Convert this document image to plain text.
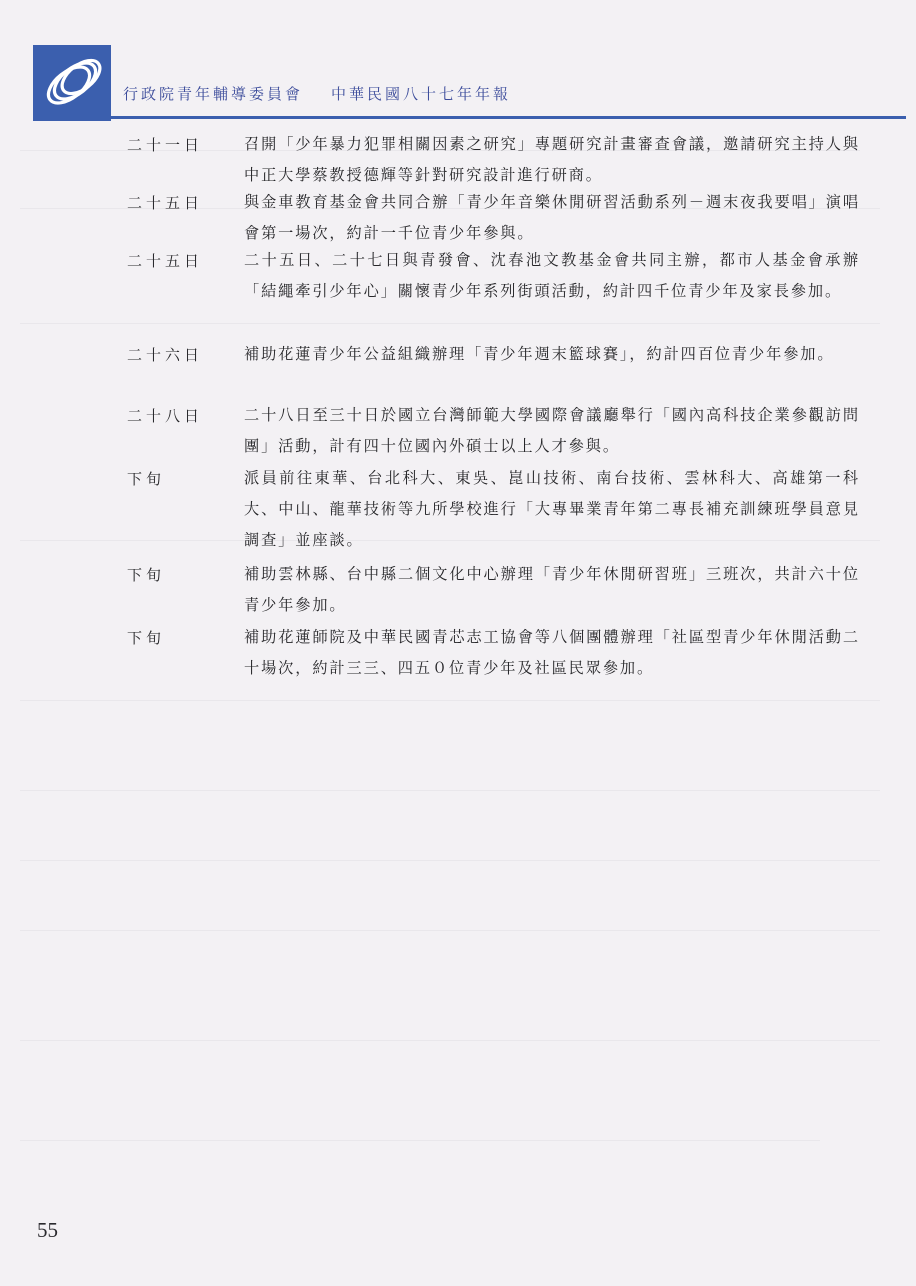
行政院青年輔導委員會 中華民國八十七年年報
二十一日	召開「少年暴力犯罪相關因素之研究」專題研究計畫審查會議，邀請研究主持人與中正大學蔡教授德輝等針對研究設計進行研商。
二十五日	與金車教育基金會共同合辦「青少年音樂休閒研習活動系列－週末夜我要唱」演唱會第一場次，約計一千位青少年參與。
二十五日	二十五日、二十七日與青發會、沈春池文教基金會共同主辦，都市人基金會承辦「結繩牽引少年心」關懷青少年系列街頭活動，約計四千位青少年及家長參加。
二十六日	補助花蓮青少年公益組織辦理「青少年週末籃球賽」，約計四百位青少年參加。
二十八日	二十八日至三十日於國立台灣師範大學國際會議廳舉行「國內高科技企業參觀訪問團」活動，計有四十位國內外碩士以上人才參與。
下旬	派員前往東華、台北科大、東吳、崑山技術、南台技術、雲林科大、高雄第一科大、中山、龍華技術等九所學校進行「大專畢業青年第二專長補充訓練班學員意見調查」並座談。
下旬	補助雲林縣、台中縣二個文化中心辦理「青少年休閒研習班」三班次，共計六十位青少年參加。
下旬	補助花蓮師院及中華民國青芯志工協會等八個團體辦理「社區型青少年休閒活動二十場次，約計三三、四五０位青少年及社區民眾參加。
55
